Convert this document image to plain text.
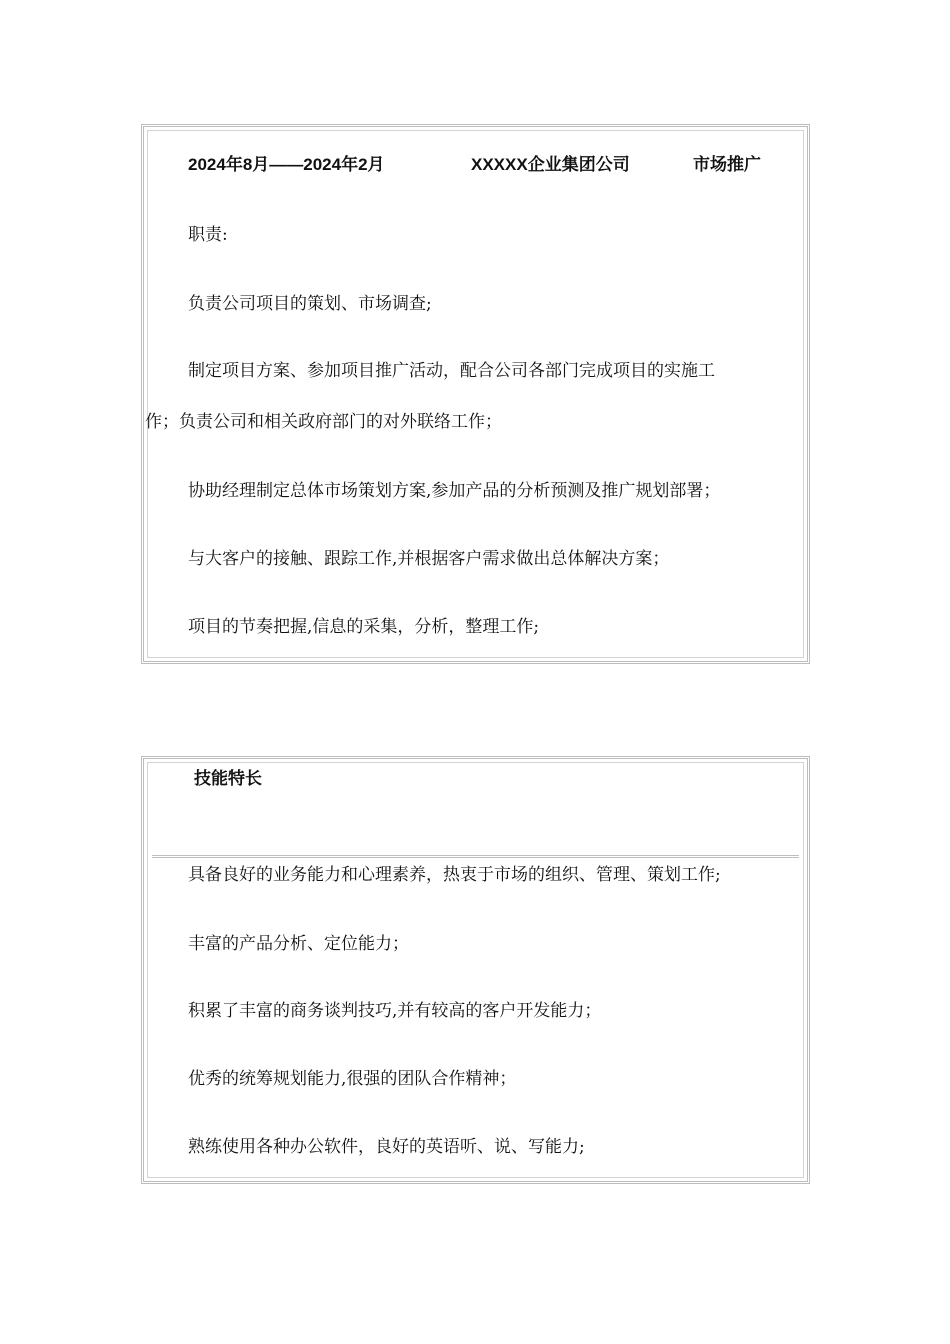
2024年8月——2024年2月	XXXXX企业集团公司	市场推广
职责:
负责公司项目的策划、市场调查;
制定项目方案、参加项目推广活动，配合公司各部门完成项目的实施工
作；负责公司和相关政府部门的对外联络工作；
协助经理制定总体市场策划方案,参加产品的分析预测及推广规划部署；
与大客户的接触、跟踪工作,并根据客户需求做出总体解决方案；
项目的节奏把握,信息的采集，分析，整理工作;
技能特长
具备良好的业务能力和心理素养，热衷于市场的组织、管理、策划工作;
丰富的产品分析、定位能力；
积累了丰富的商务谈判技巧,并有较高的客户开发能力；
优秀的统筹规划能力,很强的团队合作精神；
熟练使用各种办公软件，良好的英语听、说、写能力;
